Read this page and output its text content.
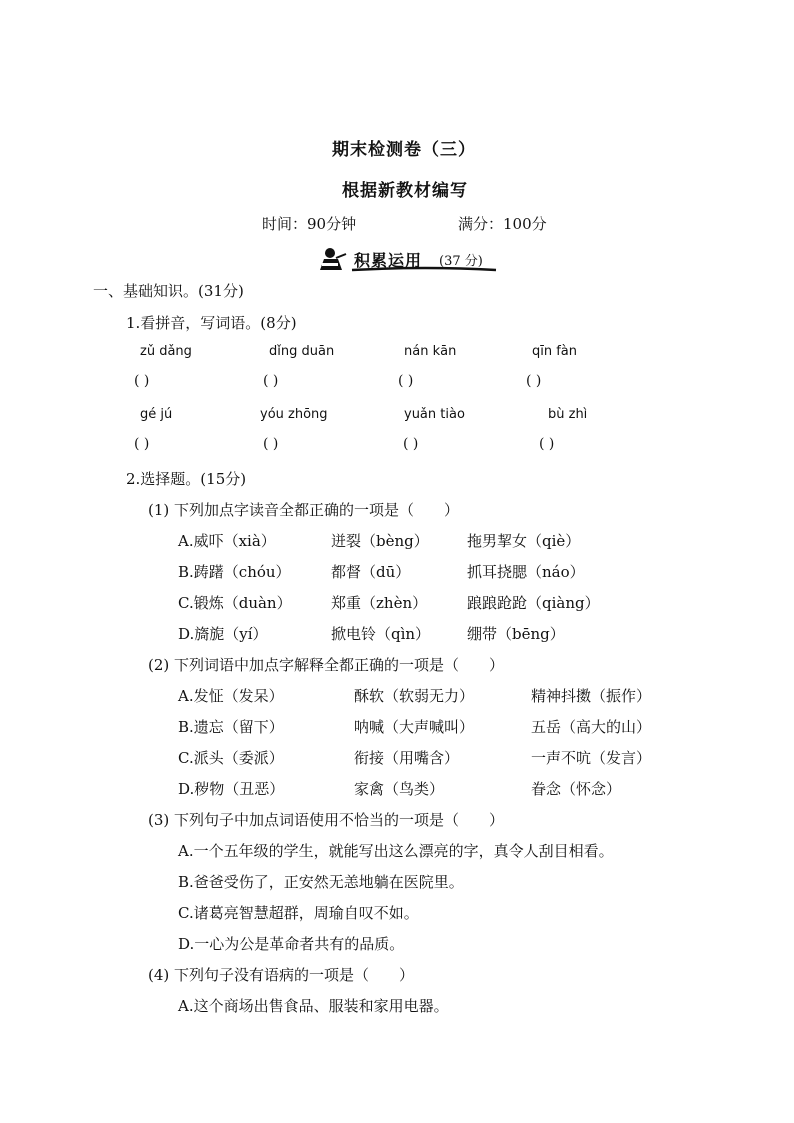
期末检测卷（三）
根据新教材编写
时间：90分钟	满分：100分
积累运用 (37 分)
一、基础知识。(31分)
1.看拼音，写词语。(8分)
zǔ dǎng	dǐng duān	nán kān	qīn fàn
( )	( )	( )	( )
gé jú	yóu zhōng	yuǎn tiào	bù zhì
( )	( )	( )	( )
2.选择题。(15分)
(1) 下列加点字读音全都正确的一项是（　　）
A.威吓（xià）	迸裂（bèng）	拖男挈女（qiè）
B.踌躇（chóu）	都督（dū）	抓耳挠腮（náo）
C.锻炼（duàn）	郑重（zhèn）	踉踉跄跄（qiàng）
D.旖旎（yí）	掀电铃（qìn） 绷带（bēng）
(2) 下列词语中加点字解释全都正确的一项是（　　）
A.发怔（发呆）	酥软（软弱无力）	精神抖擞（振作）
B.遗忘（留下）	呐喊（大声喊叫）	五岳（高大的山）
C.派头（委派）	衔接（用嘴含）	一声不吭（发言）
D.秽物（丑恶）	家禽（鸟类）	眷念（怀念）
(3) 下列句子中加点词语使用不恰当的一项是（　　）
A.一个五年级的学生，就能写出这么漂亮的字，真令人刮目相看。
B.爸爸受伤了，正安然无恙地躺在医院里。
C.诸葛亮智慧超群，周瑜自叹不如。
D.一心为公是革命者共有的品质。
(4) 下列句子没有语病的一项是（　　）
A.这个商场出售食品、服装和家用电器。
